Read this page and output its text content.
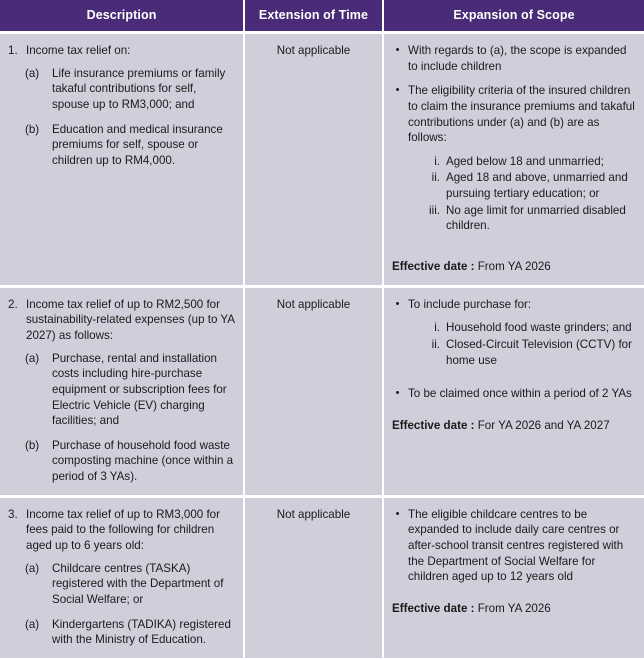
Description	Extension of Time	Expansion of Scope

1. Income tax relief on:
(a)	Life insurance premiums or family takaful contributions for self, spouse up to RM3,000; and
(b)	Education and medical insurance premiums for self, spouse or children up to RM4,000.
	Not applicable	• With regards to (a), the scope is expanded to include children
• The eligibility criteria of the insured children to claim the insurance premiums and takaful contributions under (a) and (b) are as follows:
i. Aged below 18 and unmarried;
ii. Aged 18 and above, unmarried and pursuing tertiary education; or
iii. No age limit for unmarried disabled children.
Effective date : From YA 2026

2. Income tax relief of up to RM2,500 for sustainability-related expenses (up to YA 2027) as follows:
(a)	Purchase, rental and installation costs including hire-purchase equipment or subscription fees for Electric Vehicle (EV) charging facilities; and
(b)	Purchase of household food waste composting machine (once within a period of 3 YAs).
	Not applicable	• To include purchase for:
i. Household food waste grinders; and
ii. Closed-Circuit Television (CCTV) for home use
• To be claimed once within a period of 2 YAs
Effective date : For YA 2026 and YA 2027

3. Income tax relief of up to RM3,000 for fees paid to the following for children aged up to 6 years old:
(a)	Childcare centres (TASKA) registered with the Department of Social Welfare; or
(a)	Kindergartens (TADIKA) registered with the Ministry of Education.
	Not applicable	• The eligible childcare centres to be expanded to include daily care centres or after-school transit centres registered with the Department of Social Welfare for children aged up to 12 years old
Effective date : From YA 2026
